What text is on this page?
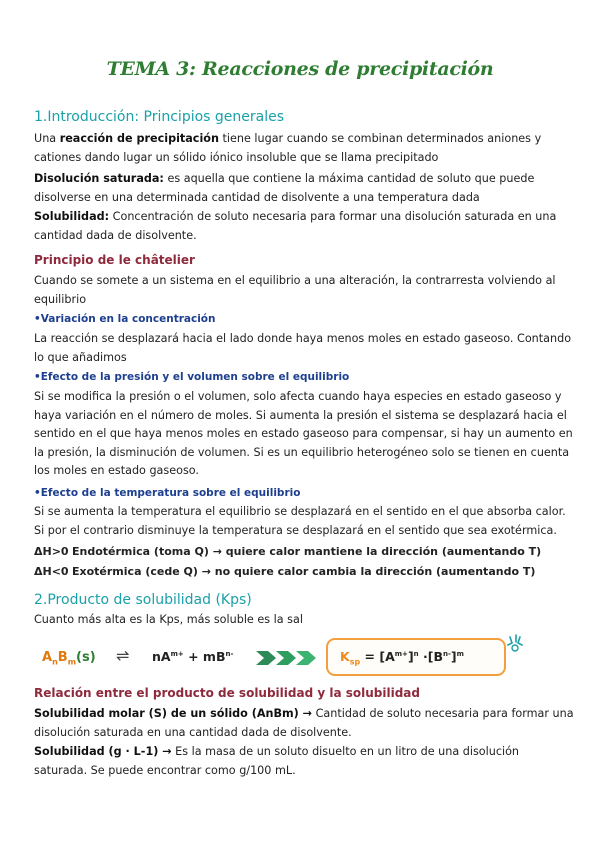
TEMA 3: Reacciones de precipitación
1.Introducción: Principios generales
Una reacción de precipitación tiene lugar cuando se combinan determinados aniones y cationes dando lugar un sólido iónico insoluble que se llama precipitado
Disolución saturada: es aquella que contiene la máxima cantidad de soluto que puede disolverse en una determinada cantidad de disolvente a una temperatura dada
Solubilidad: Concentración de soluto necesaria para formar una disolución saturada en una cantidad dada de disolvente.
Principio de le châtelier
Cuando se somete a un sistema en el equilibrio a una alteración, la contrarresta volviendo al equilibrio
•Variación en la concentración
La reacción se desplazará hacia el lado donde haya menos moles en estado gaseoso. Contando lo que añadimos
•Efecto de la presión y el volumen sobre el equilibrio
Si se modifica la presión o el volumen, solo afecta cuando haya especies en estado gaseoso y haya variación en el número de moles. Si aumenta la presión el sistema se desplazará hacia el sentido en el que haya menos moles en estado gaseoso para compensar, si hay un aumento en la presión, la disminución de volumen. Si es un equilibrio heterogéneo solo se tienen en cuenta los moles en estado gaseoso.
•Efecto de la temperatura sobre el equilibrio
Si se aumenta la temperatura el equilibrio se desplazará en el sentido en el que absorba calor. Si por el contrario disminuye la temperatura se desplazará en el sentido que sea exotérmica.
ΔH>0 Endotérmica (toma Q) → quiere calor mantiene la dirección (aumentando T)
ΔH<0 Exotérmica (cede Q) → no quiere calor cambia la dirección (aumentando T)
2.Producto de solubilidad (Kps)
Cuanto más alta es la Kps, más soluble es la sal
$A_nB_m(s)$ ⇌ $nA^{m+} + mB^{n-}$	$K_{sp} = [A^{m+}]^n \cdot[B^{n-}]^m$
Relación entre el producto de solubilidad y la solubilidad
Solubilidad molar (S) de un sólido (AnBm) → Cantidad de soluto necesaria para formar una disolución saturada en una cantidad dada de disolvente.
Solubilidad (g · L-1) → Es la masa de un soluto disuelto en un litro de una disolución saturada. Se puede encontrar como g/100 mL.
